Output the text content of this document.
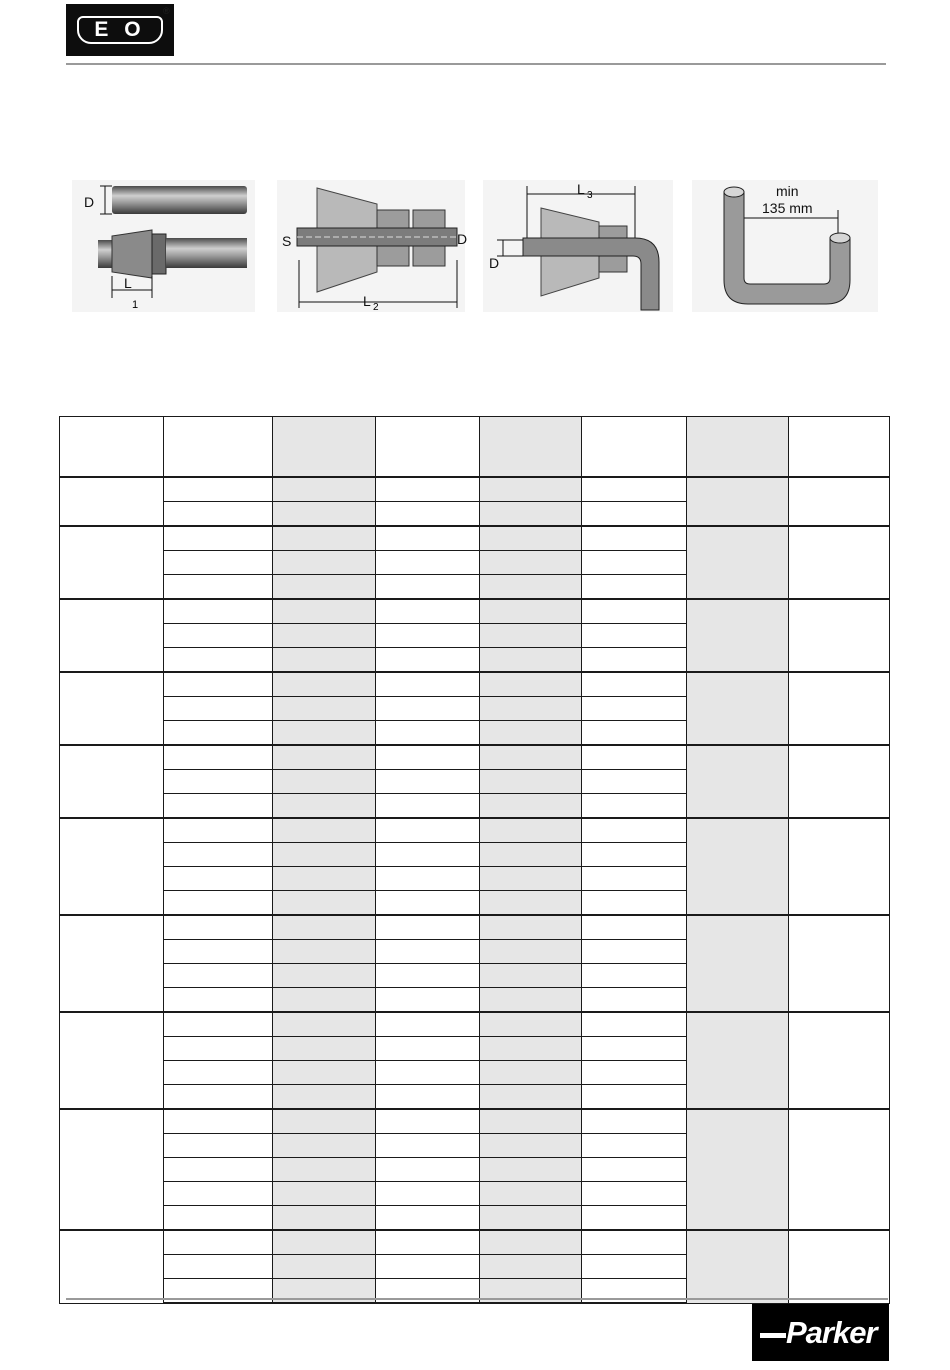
E O
®
D
L
1
S	D
L 2
L 3
D
min
135 mm

Parker
